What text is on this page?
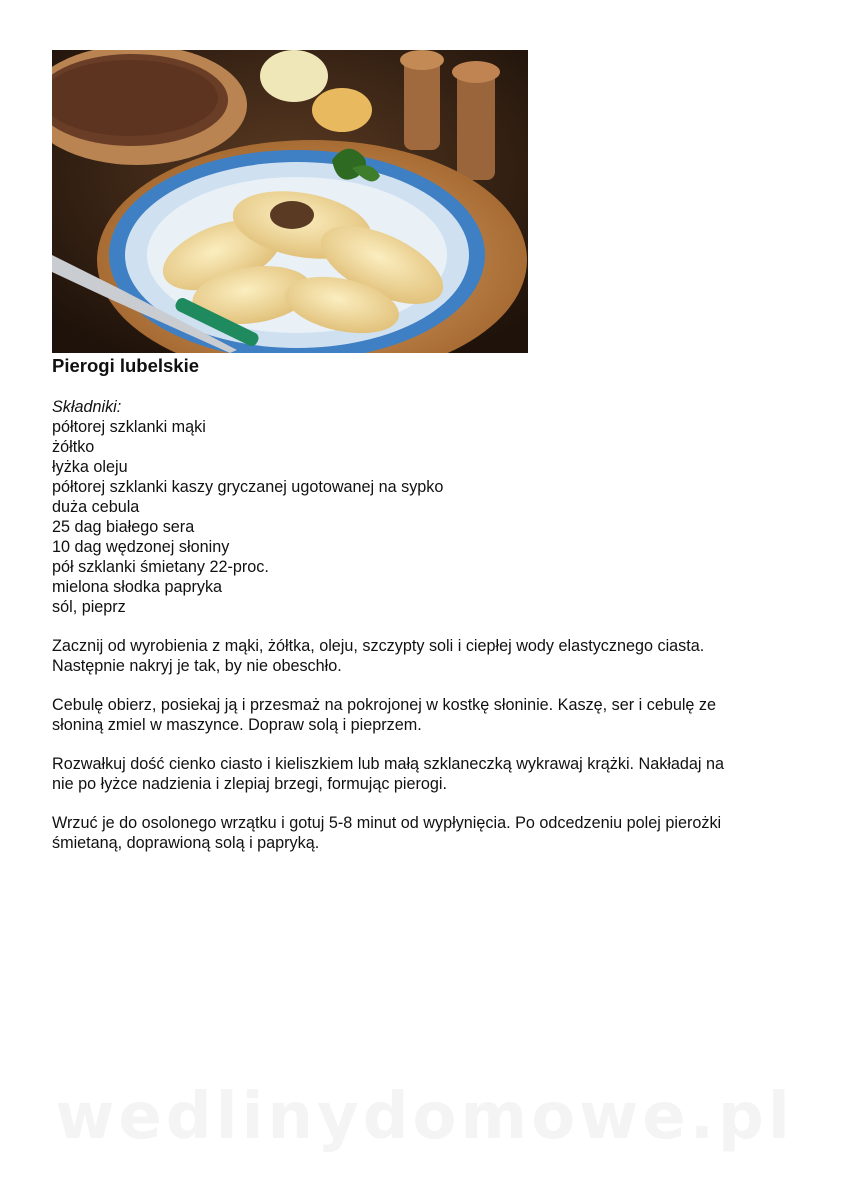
Pierogi lubelskie
Składniki:
półtorej szklanki mąki
żółtko
łyżka oleju
półtorej szklanki kaszy gryczanej ugotowanej na sypko
duża cebula
25 dag białego sera
10 dag wędzonej słoniny
pół szklanki śmietany 22-proc.
mielona słodka papryka
sól, pieprz

Zacznij od wyrobienia z mąki, żółtka, oleju, szczypty soli i ciepłej wody elastycznego ciasta.
Następnie nakryj je tak, by nie obeschło.

Cebulę obierz, posiekaj ją i przesmaż na pokrojonej w kostkę słoninie. Kaszę, ser i cebulę ze
słoniną zmiel w maszynce. Dopraw solą i pieprzem.

Rozwałkuj dość cienko ciasto i kieliszkiem lub małą szklaneczką wykrawaj krążki. Nakładaj na
nie po łyżce nadzienia i zlepiaj brzegi, formując pierogi.

Wrzuć je do osolonego wrzątku i gotuj 5-8 minut od wypłynięcia. Po odcedzeniu polej pierożki
śmietaną, doprawioną solą i papryką.

wedlinydomowe.pl
